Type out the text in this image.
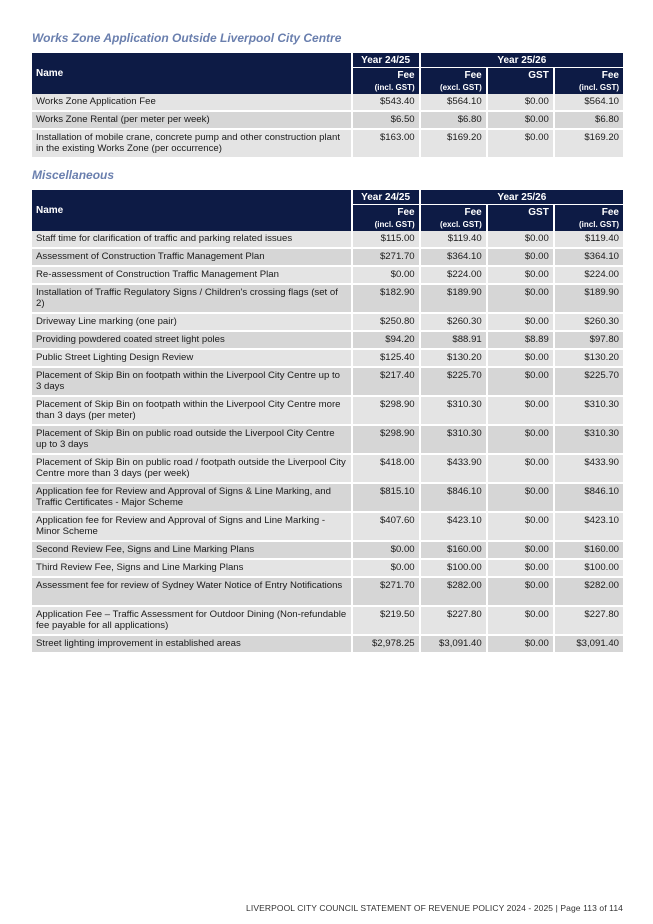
Works Zone Application Outside Liverpool City Centre
Name	Year 24/25	Year 25/26		
	Fee	Fee	GST	Fee
	(incl. GST)	(excl. GST)		(incl. GST)
Works Zone Application Fee	$543.40	$564.10	$0.00	$564.10
Works Zone Rental (per meter per week)	$6.50	$6.80	$0.00	$6.80
Installation of mobile crane, concrete pump and other construction plant in the existing Works Zone (per occurrence)	$163.00	$169.20	$0.00	$169.20
Miscellaneous
Name	Year 24/25	Year 25/26		
	Fee	Fee	GST	Fee
	(incl. GST)	(excl. GST)		(incl. GST)
Staff time for clarification of traffic and parking related issues	$115.00	$119.40	$0.00	$119.40
Assessment of Construction Traffic Management Plan	$271.70	$364.10	$0.00	$364.10
Re-assessment of Construction Traffic Management Plan	$0.00	$224.00	$0.00	$224.00
Installation of Traffic Regulatory Signs / Children's crossing flags (set of 2)	$182.90	$189.90	$0.00	$189.90
Driveway Line marking (one pair)	$250.80	$260.30	$0.00	$260.30
Providing powdered coated street light poles	$94.20	$88.91	$8.89	$97.80
Public Street Lighting Design Review	$125.40	$130.20	$0.00	$130.20
Placement of Skip Bin on footpath within the Liverpool City Centre up to 3 days	$217.40	$225.70	$0.00	$225.70
Placement of Skip Bin on footpath within the Liverpool City Centre more than 3 days (per meter)	$298.90	$310.30	$0.00	$310.30
Placement of Skip Bin on public road outside the Liverpool City Centre up to 3 days	$298.90	$310.30	$0.00	$310.30
Placement of Skip Bin on public road / footpath outside the Liverpool City Centre more than 3 days (per week)	$418.00	$433.90	$0.00	$433.90
Application fee for Review and Approval of Signs & Line Marking, and Traffic Certificates - Major Scheme	$815.10	$846.10	$0.00	$846.10
Application fee for Review and Approval of Signs and Line Marking - Minor Scheme	$407.60	$423.10	$0.00	$423.10
Second Review Fee, Signs and Line Marking Plans	$0.00	$160.00	$0.00	$160.00
Third Review Fee, Signs and Line Marking Plans	$0.00	$100.00	$0.00	$100.00
Assessment fee for review of Sydney Water Notice of Entry Notifications	$271.70	$282.00	$0.00	$282.00
Application Fee – Traffic Assessment for Outdoor Dining (Non-refundable fee payable for all applications)	$219.50	$227.80	$0.00	$227.80
Street lighting improvement in established areas	$2,978.25	$3,091.40	$0.00	$3,091.40
LIVERPOOL CITY COUNCIL STATEMENT OF REVENUE POLICY 2024 - 2025 | Page 113 of 114
